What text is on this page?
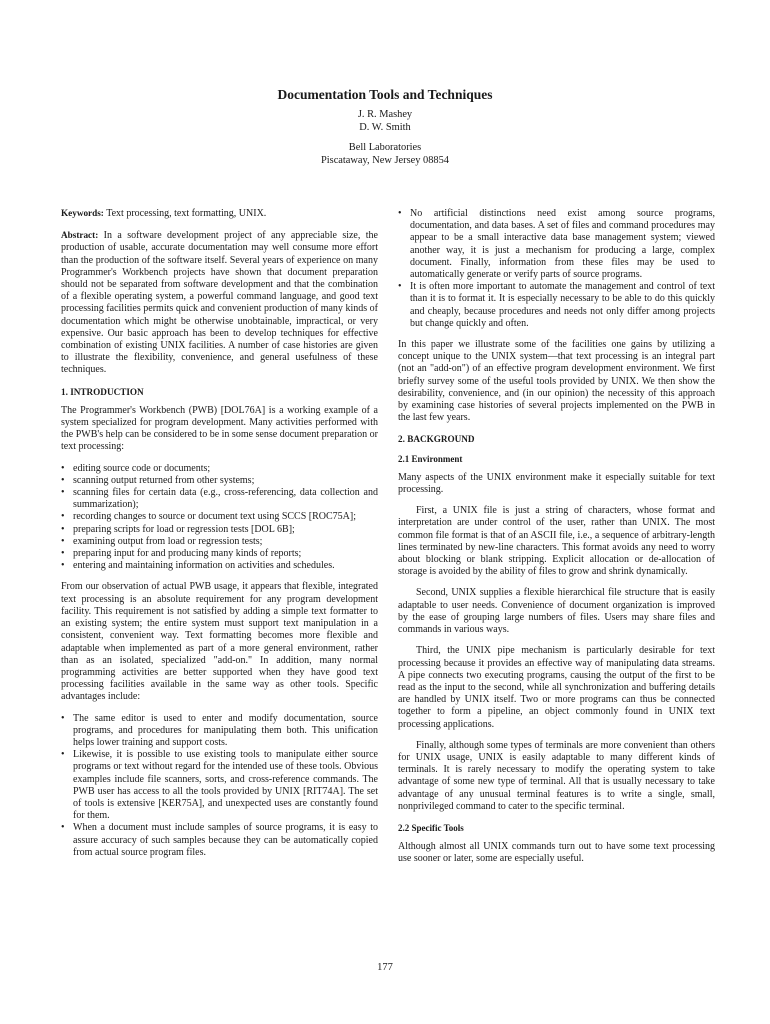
Documentation Tools and Techniques
J. R. Mashey
D. W. Smith
Bell Laboratories
Piscataway, New Jersey 08854

Keywords: Text processing, text formatting, UNIX.

Abstract: In a software development project of any appreciable size, the production of usable, accurate documentation may well consume more effort than the production of the software itself. Several years of experience on many Programmer's Workbench projects have shown that document preparation should not be separated from software development and that the combination of a flexible operating system, a powerful command language, and good text processing facilities permits quick and convenient production of many kinds of documentation which might be otherwise unobtainable, impractical, or very expensive. Our basic approach has been to develop techniques for effective combination of existing UNIX facilities. A number of case histories are given to illustrate the flexibility, convenience, and general usefulness of these techniques.

1. INTRODUCTION

The Programmer's Workbench (PWB) [DOL76A] is a working example of a system specialized for program development. Many activities performed with the PWB's help can be considered to be in some sense document preparation or text processing:

• editing source code or documents;
• scanning output returned from other systems;
• scanning files for certain data (e.g., cross-referencing, data collection and summarization);
• recording changes to source or document text using SCCS [ROC75A];
• preparing scripts for load or regression tests [DOL 6B];
• examining output from load or regression tests;
• preparing input for and producing many kinds of reports;
• entering and maintaining information on activities and schedules.

From our observation of actual PWB usage, it appears that flexible, integrated text processing is an absolute requirement for any program development facility. This requirement is not satisfied by adding a simple text formatter to an existing system; the entire system must support text manipulation in a consistent, convenient way. Text formatting becomes more flexible and adaptable when implemented as part of a more general environment, rather than as an isolated, specialized "add-on." In addition, many normal programming activities are better supported when they have good text processing facilities available in the same way as other tools. Specific advantages include:

• The same editor is used to enter and modify documentation, source programs, and procedures for manipulating them both. This unification helps lower training and support costs.
• Likewise, it is possible to use existing tools to manipulate either source programs or text without regard for the intended use of these tools. Obvious examples include file scanners, sorts, and cross-reference commands. The PWB user has access to all the tools provided by UNIX [RIT74A]. The set of tools is extensive [KER75A], and unexpected uses are constantly found for them.
• When a document must include samples of source programs, it is easy to assure accuracy of such samples because they can be automatically copied from actual source program files.
• No artificial distinctions need exist among source programs, documentation, and data bases. A set of files and command procedures may appear to be a small interactive data base management system; viewed another way, it is just a mechanism for producing a large, complex document. Finally, information from these files may be used to automatically generate or verify parts of source programs.
• It is often more important to automate the management and control of text than it is to format it. It is especially necessary to be able to do this quickly and cheaply, because procedures and needs not only differ among projects but change quickly and often.

In this paper we illustrate some of the facilities one gains by utilizing a concept unique to the UNIX system—that text processing is an integral part (not an "add-on") of an effective program development environment. We first briefly survey some of the useful tools provided by UNIX. We then show the desirability, convenience, and (in our opinion) the necessity of this approach by examining case histories of several projects implemented on the PWB in the last few years.

2. BACKGROUND

2.1 Environment

Many aspects of the UNIX environment make it especially suitable for text processing.

First, a UNIX file is just a string of characters, whose format and interpretation are under control of the user, rather than UNIX. The most common file format is that of an ASCII file, i.e., a sequence of arbitrary-length lines terminated by new-line characters. This format avoids any need to worry about blocking or blank stripping. Explicit allocation or de-allocation of storage is avoided by the ability of files to grow and shrink dynamically.

Second, UNIX supplies a flexible hierarchical file structure that is easily adaptable to user needs. Convenience of document organization is improved by the ease of grouping large numbers of files. Users may share files and commands in various ways.

Third, the UNIX pipe mechanism is particularly desirable for text processing because it provides an effective way of manipulating data streams. A pipe connects two executing programs, causing the output of the first to be read as the input to the second, while all synchronization and buffering details are handled by UNIX itself. Two or more programs can thus be connected together to form a pipeline, an object commonly found in UNIX text processing applications.

Finally, although some types of terminals are more convenient than others for UNIX usage, UNIX is easily adaptable to many different kinds of terminals. It is rarely necessary to modify the operating system to take advantage of some new type of terminal. All that is usually necessary to take advantage of any unusual terminal features is to write a single, small, nonprivileged command to cater to the specific terminal.

2.2 Specific Tools

Although almost all UNIX commands turn out to have some text processing use sooner or later, some are especially useful.

177
